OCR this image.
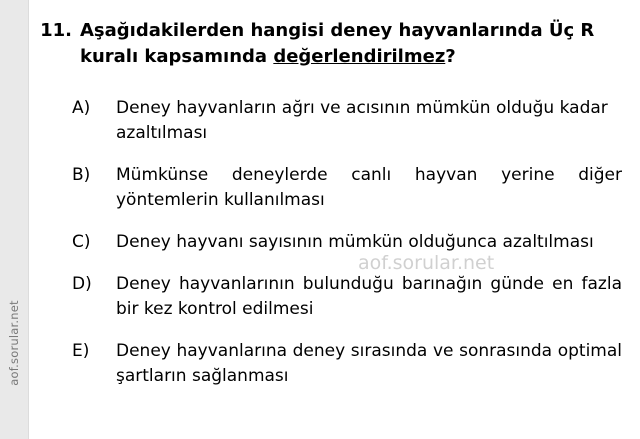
aof.sorular.net
11. Aşağıdakilerden hangisi deney hayvanlarında Üç R kuralı kapsamında değerlendirilmez?
A)	Deney hayvanların ağrı ve acısının mümkün olduğu kadar azaltılması
B)	Mümkünse deneylerde canlı hayvan yerine diğer yöntemlerin kullanılması
C)	Deney hayvanı sayısının mümkün olduğunca azaltılması
D)	Deney hayvanlarının bulunduğu barınağın günde en fazla bir kez kontrol edilmesi
E)	Deney hayvanlarına deney sırasında ve sonrasında optimal şartların sağlanması
aof.sorular.net
